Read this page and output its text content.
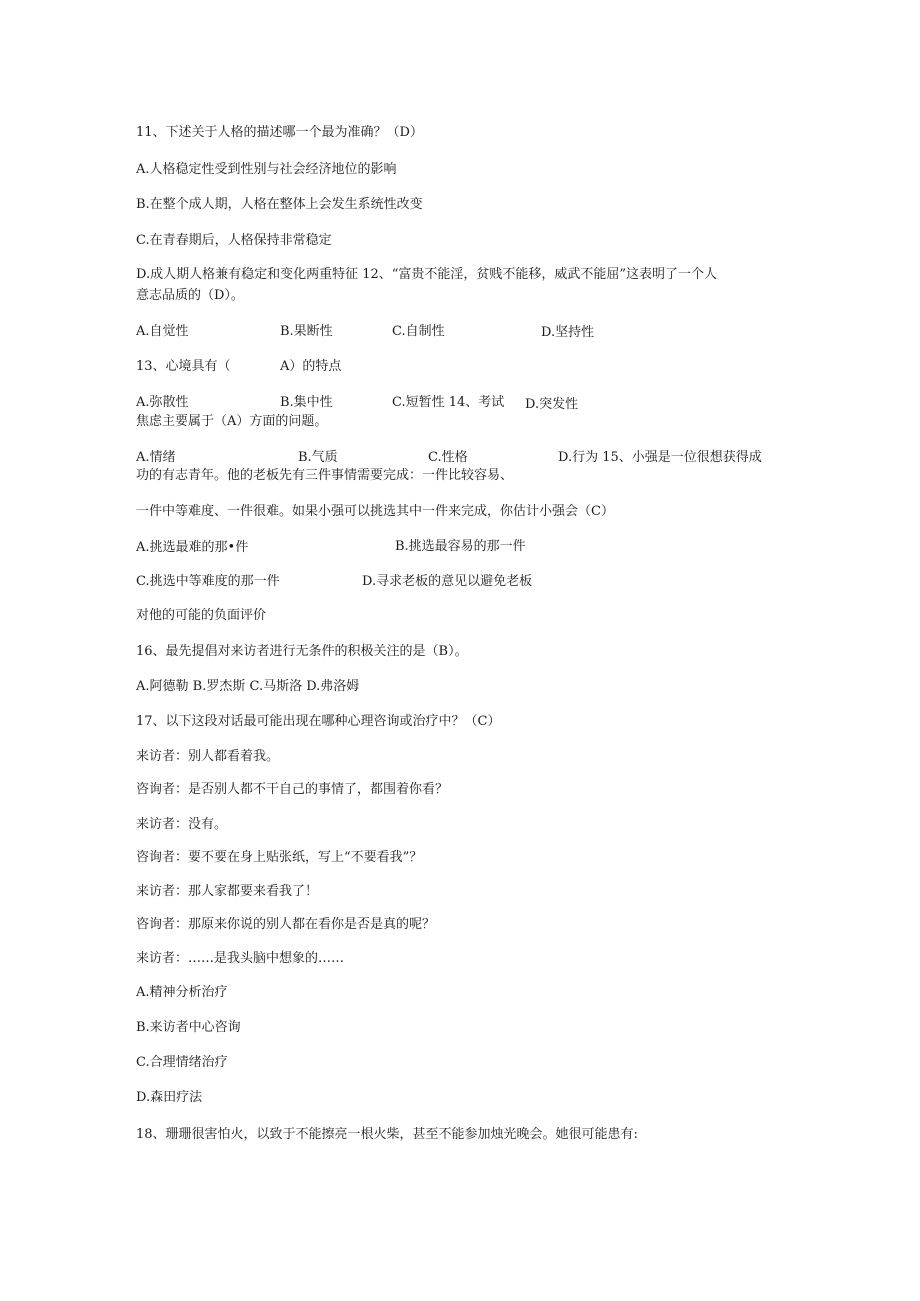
11、下述关于人格的描述哪一个最为准确？（D）
A.人格稳定性受到性别与社会经济地位的影响
B.在整个成人期，人格在整体上会发生系统性改变
C.在青春期后，人格保持非常稳定
D.成人期人格兼有稳定和变化两重特征 12、“富贵不能淫，贫贱不能移，威武不能屈”这表明了一个人
意志品质的（D）。
A.自觉性	B.果断性	C.自制性	D.坚持性
13、心境具有（	A）的特点
A.弥散性	B.集中性	C.短暂性 14、考试 D.突发性
焦虑主要属于（A）方面的问题。
A.情绪	B.气质	C.性格	D.行为 15、小强是一位很想获得成
功的有志青年。他的老板先有三件事情需要完成：一件比较容易、
一件中等难度、一件很难。如果小强可以挑选其中一件来完成，你估计小强会（C）
A.挑选最难的那•件	B.挑选最容易的那一件
C.挑选中等难度的那一件	D.寻求老板的意见以避免老板
对他的可能的负面评价
16、最先提倡对来访者进行无条件的积极关注的是（B）。
A.阿德勒 B.罗杰斯 C.马斯洛 D.弗洛姆
17、以下这段对话最可能出现在哪种心理咨询或治疗中？（C）
来访者：别人都看着我。
咨询者：是否别人都不干自己的事情了，都围着你看？
来访者：没有。
咨询者：要不要在身上贴张纸，写上“不要看我”？
来访者：那人家都要来看我了！
咨询者：那原来你说的别人都在看你是否是真的呢？
来访者：……是我头脑中想象的……
A.精神分析治疗
B.来访者中心咨询
C.合理情绪治疗
D.森田疗法
18、珊珊很害怕火，以致于不能擦亮一根火柴，甚至不能参加烛光晚会。她很可能患有:
